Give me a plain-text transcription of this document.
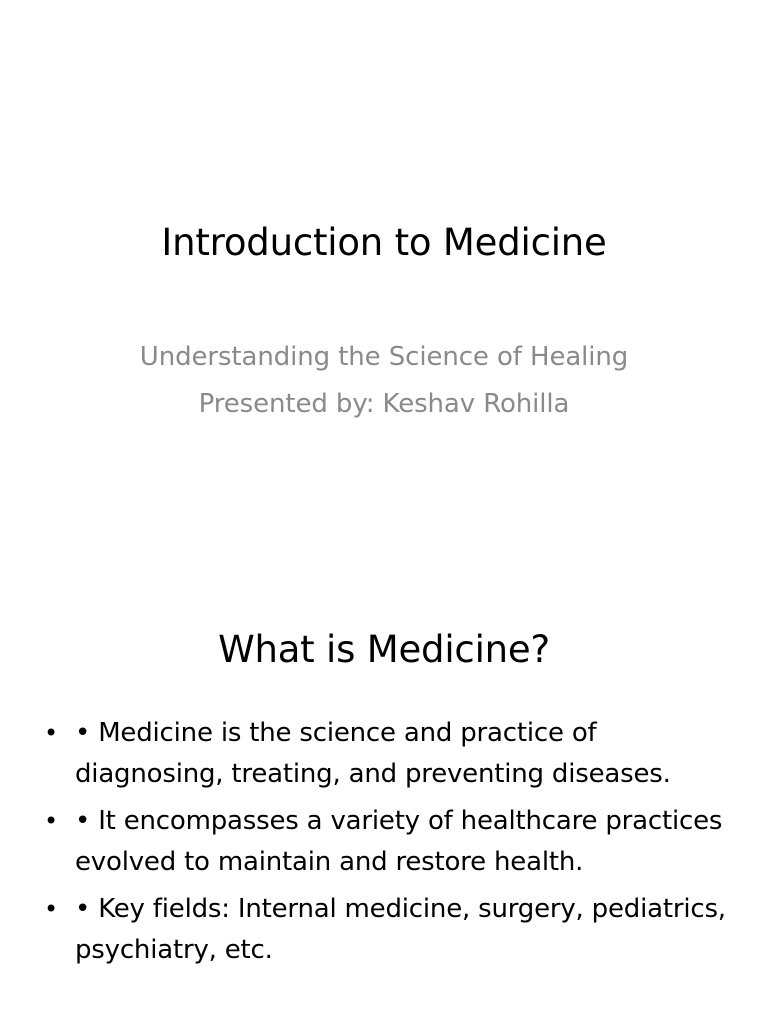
Introduction to Medicine
Understanding the Science of Healing
Presented by: Keshav Rohilla
What is Medicine?
• • Medicine is the science and practice of diagnosing, treating, and preventing diseases.
• • It encompasses a variety of healthcare practices evolved to maintain and restore health.
• • Key fields: Internal medicine, surgery, pediatrics, psychiatry, etc.
